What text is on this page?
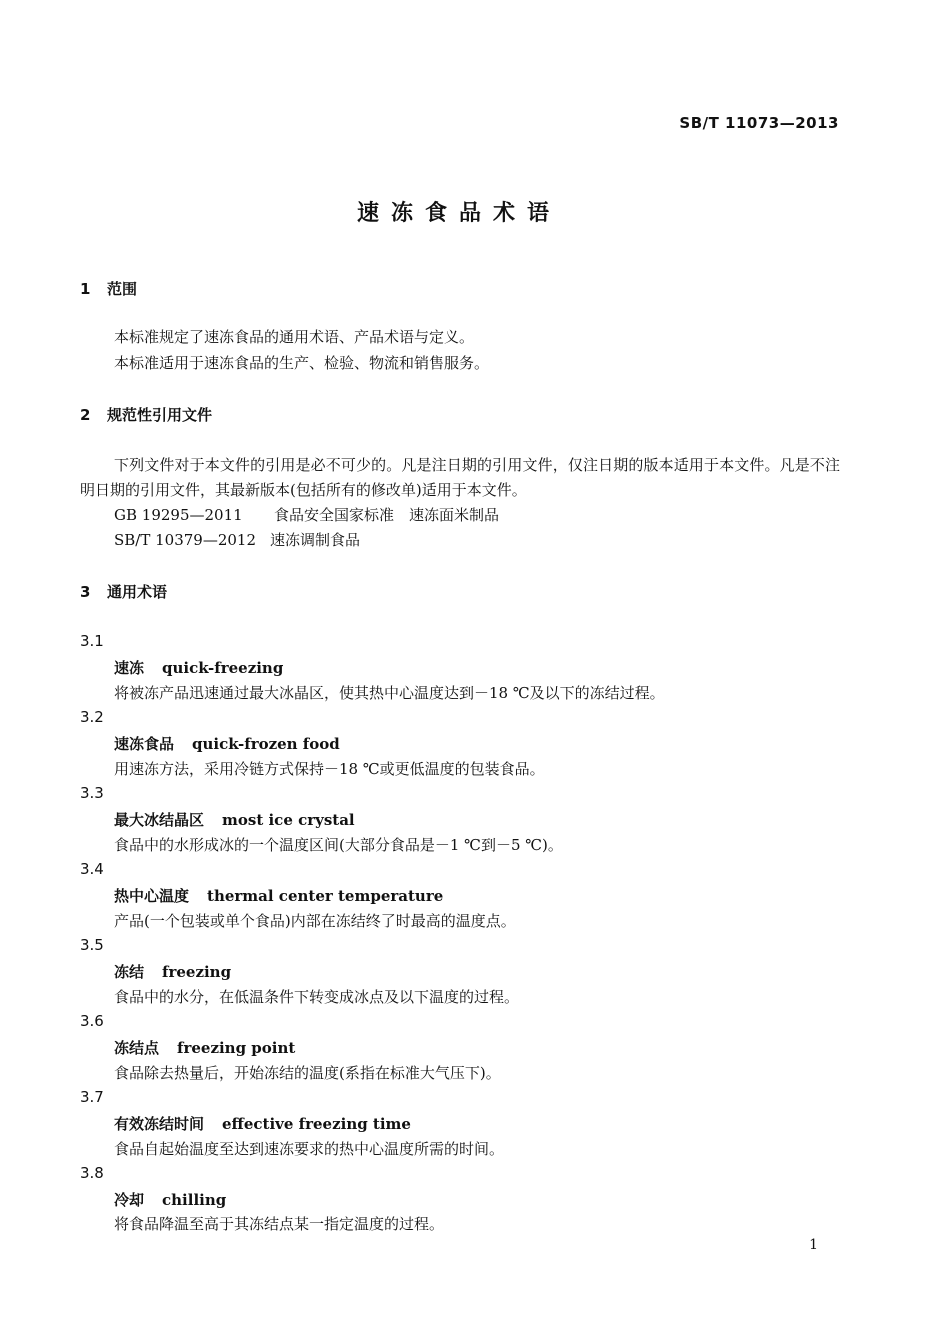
SB/T 11073—2013
速冻食品术语
1 范围
本标准规定了速冻食品的通用术语、产品术语与定义。
本标准适用于速冻食品的生产、检验、物流和销售服务。
2 规范性引用文件
下列文件对于本文件的引用是必不可少的。凡是注日期的引用文件，仅注日期的版本适用于本文件。凡是不注明日期的引用文件，其最新版本(包括所有的修改单)适用于本文件。
GB 19295—2011 食品安全国家标准　速冻面米制品
SB/T 10379—2012 速冻调制食品
3 通用术语
3.1
速冻 quick-freezing
将被冻产品迅速通过最大冰晶区，使其热中心温度达到－18 ℃及以下的冻结过程。
3.2
速冻食品 quick-frozen food
用速冻方法，采用冷链方式保持－18 ℃或更低温度的包装食品。
3.3
最大冰结晶区 most ice crystal
食品中的水形成冰的一个温度区间(大部分食品是－1 ℃到－5 ℃)。
3.4
热中心温度 thermal center temperature
产品(一个包装或单个食品)内部在冻结终了时最高的温度点。
3.5
冻结 freezing
食品中的水分，在低温条件下转变成冰点及以下温度的过程。
3.6
冻结点 freezing point
食品除去热量后，开始冻结的温度(系指在标准大气压下)。
3.7
有效冻结时间 effective freezing time
食品自起始温度至达到速冻要求的热中心温度所需的时间。
3.8
冷却 chilling
将食品降温至高于其冻结点某一指定温度的过程。
1
